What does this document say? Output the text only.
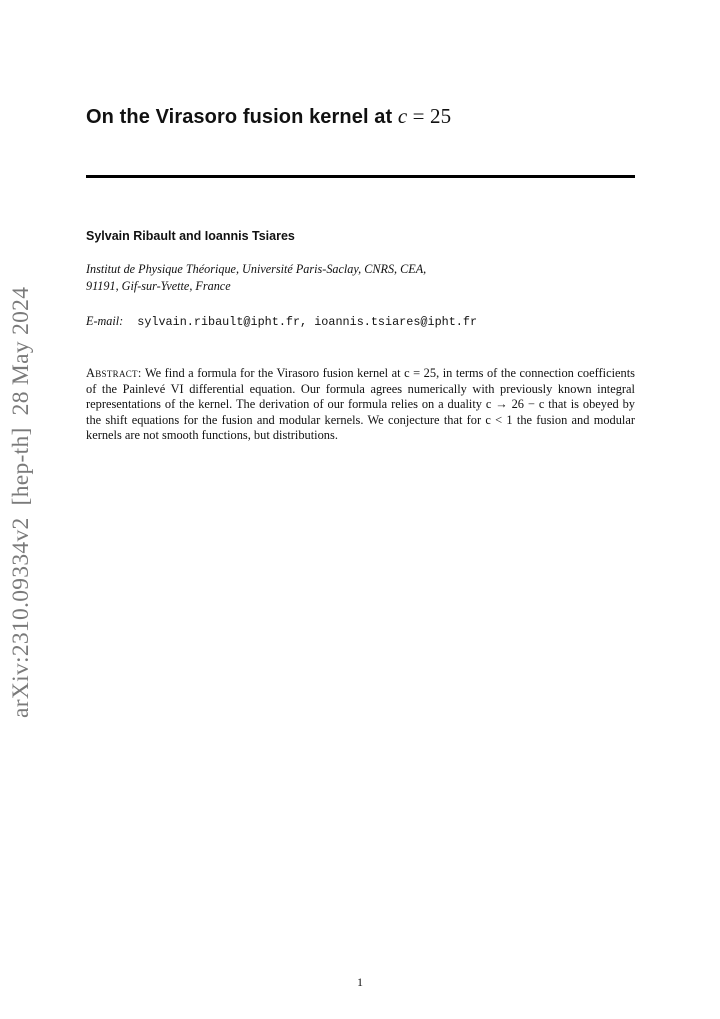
On the Virasoro fusion kernel at c = 25
Sylvain Ribault and Ioannis Tsiares
Institut de Physique Théorique, Université Paris-Saclay, CNRS, CEA,
91191, Gif-sur-Yvette, France
E-mail: sylvain.ribault@ipht.fr, ioannis.tsiares@ipht.fr
Abstract: We find a formula for the Virasoro fusion kernel at c = 25, in terms of the connection coefficients of the Painlevé VI differential equation. Our formula agrees numerically with previously known integral representations of the kernel. The derivation of our formula relies on a duality c → 26 − c that is obeyed by the shift equations for the fusion and modular kernels. We conjecture that for c < 1 the fusion and modular kernels are not smooth functions, but distributions.
arXiv:2310.09334v2[hep-th]28 May 2024
1
